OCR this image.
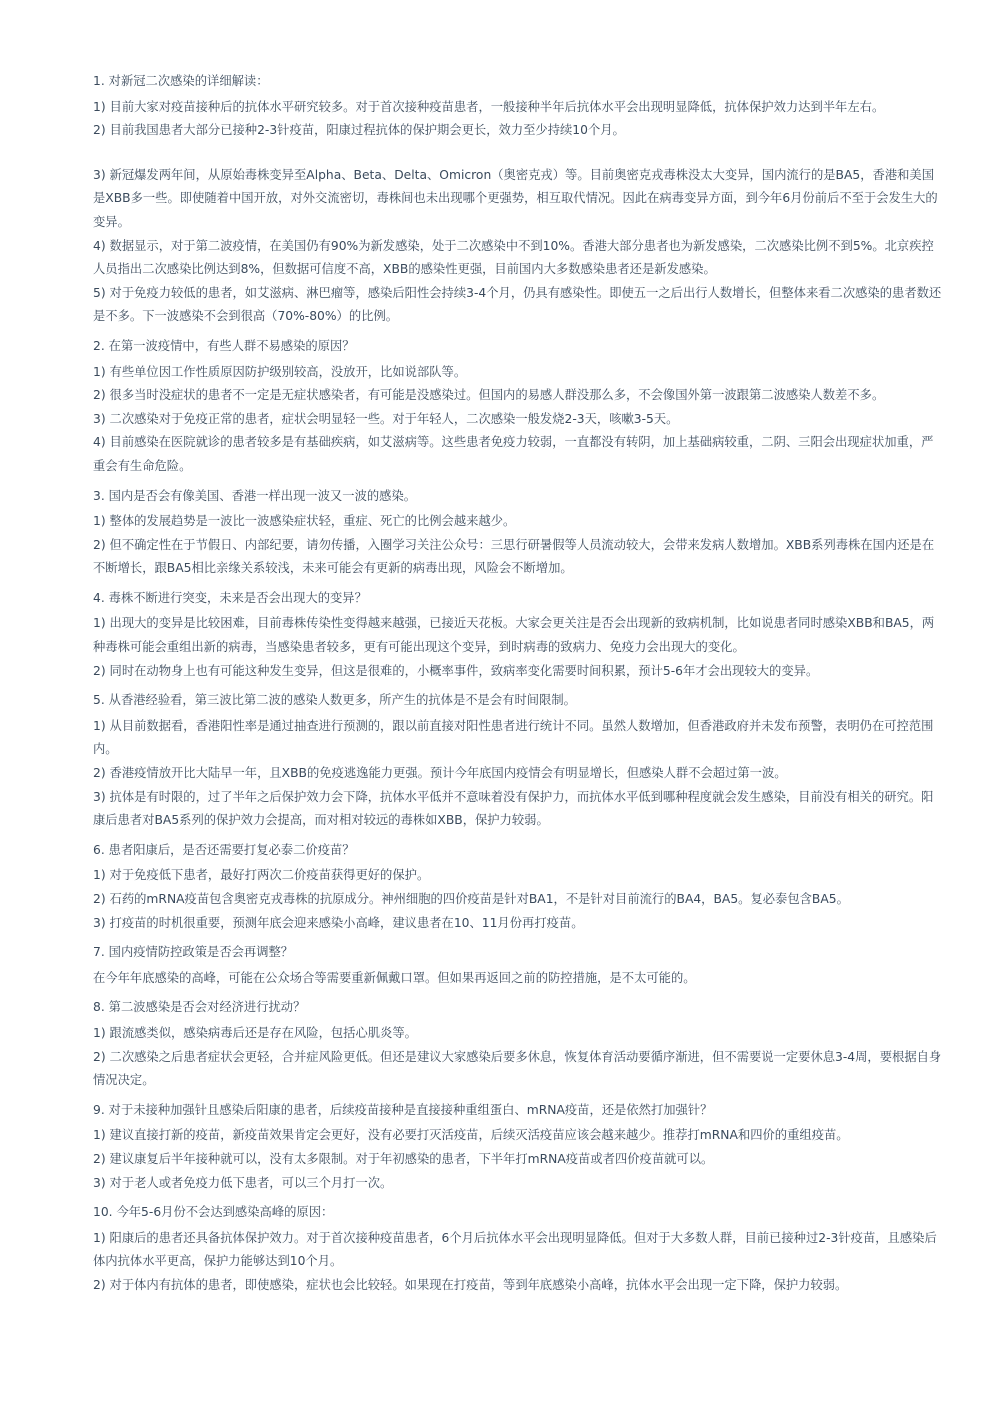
1. 对新冠二次感染的详细解读：

1) 目前大家对疫苗接种后的抗体水平研究较多。对于首次接种疫苗患者，一般接种半年后抗体水平会出现明显降低，抗体保护效力达到半年左右。

2) 目前我国患者大部分已接种2-3针疫苗，阳康过程抗体的保护期会更长，效力至少持续10个月。

3) 新冠爆发两年间，从原始毒株变异至Alpha、Beta、Delta、Omicron（奥密克戎）等。目前奥密克戎毒株没太大变异，国内流行的是BA5，香港和美国是XBB多一些。即使随着中国开放，对外交流密切，毒株间也未出现哪个更强势，相互取代情况。因此在病毒变异方面，到今年6月份前后不至于会发生大的变异。

4) 数据显示，对于第二波疫情，在美国仍有90%为新发感染，处于二次感染中不到10%。香港大部分患者也为新发感染，二次感染比例不到5%。北京疾控人员指出二次感染比例达到8%，但数据可信度不高，XBB的感染性更强，目前国内大多数感染患者还是新发感染。

5) 对于免疫力较低的患者，如艾滋病、淋巴瘤等，感染后阳性会持续3-4个月，仍具有感染性。即使五一之后出行人数增长，但整体来看二次感染的患者数还是不多。下一波感染不会到很高（70%-80%）的比例。

2. 在第一波疫情中，有些人群不易感染的原因？

1) 有些单位因工作性质原因防护级别较高，没放开，比如说部队等。

2) 很多当时没症状的患者不一定是无症状感染者，有可能是没感染过。但国内的易感人群没那么多，不会像国外第一波跟第二波感染人数差不多。

3) 二次感染对于免疫正常的患者，症状会明显轻一些。对于年轻人，二次感染一般发烧2-3天，咳嗽3-5天。

4) 目前感染在医院就诊的患者较多是有基础疾病，如艾滋病等。这些患者免疫力较弱，一直都没有转阴，加上基础病较重，二阴、三阳会出现症状加重，严重会有生命危险。

3. 国内是否会有像美国、香港一样出现一波又一波的感染。

1) 整体的发展趋势是一波比一波感染症状轻，重症、死亡的比例会越来越少。

2) 但不确定性在于节假日、内部纪要，请勿传播，入圈学习关注公众号：三思行研暑假等人员流动较大，会带来发病人数增加。XBB系列毒株在国内还是在不断增长，跟BA5相比亲缘关系较浅，未来可能会有更新的病毒出现，风险会不断增加。

4. 毒株不断进行突变，未来是否会出现大的变异？

1) 出现大的变异是比较困难，目前毒株传染性变得越来越强，已接近天花板。大家会更关注是否会出现新的致病机制，比如说患者同时感染XBB和BA5，两种毒株可能会重组出新的病毒，当感染患者较多，更有可能出现这个变异，到时病毒的致病力、免疫力会出现大的变化。

2) 同时在动物身上也有可能这种发生变异，但这是很难的，小概率事件，致病率变化需要时间积累，预计5-6年才会出现较大的变异。

5. 从香港经验看，第三波比第二波的感染人数更多，所产生的抗体是不是会有时间限制。

1) 从目前数据看，香港阳性率是通过抽查进行预测的，跟以前直接对阳性患者进行统计不同。虽然人数增加，但香港政府并未发布预警，表明仍在可控范围内。

2) 香港疫情放开比大陆早一年，且XBB的免疫逃逸能力更强。预计今年底国内疫情会有明显增长，但感染人群不会超过第一波。

3) 抗体是有时限的，过了半年之后保护效力会下降，抗体水平低并不意味着没有保护力，而抗体水平低到哪种程度就会发生感染，目前没有相关的研究。阳康后患者对BA5系列的保护效力会提高，而对相对较远的毒株如XBB，保护力较弱。

6. 患者阳康后，是否还需要打复必泰二价疫苗？

1) 对于免疫低下患者，最好打两次二价疫苗获得更好的保护。

2) 石药的mRNA疫苗包含奥密克戎毒株的抗原成分。神州细胞的四价疫苗是针对BA1，不是针对目前流行的BA4，BA5。复必泰包含BA5。

3) 打疫苗的时机很重要，预测年底会迎来感染小高峰，建议患者在10、11月份再打疫苗。

7. 国内疫情防控政策是否会再调整？

在今年年底感染的高峰，可能在公众场合等需要重新佩戴口罩。但如果再返回之前的防控措施，是不太可能的。

8. 第二波感染是否会对经济进行扰动？

1) 跟流感类似，感染病毒后还是存在风险，包括心肌炎等。

2) 二次感染之后患者症状会更轻，合并症风险更低。但还是建议大家感染后要多休息，恢复体育活动要循序渐进，但不需要说一定要休息3-4周，要根据自身情况决定。

9. 对于未接种加强针且感染后阳康的患者，后续疫苗接种是直接接种重组蛋白、mRNA疫苗，还是依然打加强针？

1) 建议直接打新的疫苗，新疫苗效果肯定会更好，没有必要打灭活疫苗，后续灭活疫苗应该会越来越少。推荐打mRNA和四价的重组疫苗。

2) 建议康复后半年接种就可以，没有太多限制。对于年初感染的患者，下半年打mRNA疫苗或者四价疫苗就可以。

3) 对于老人或者免疫力低下患者，可以三个月打一次。

10. 今年5-6月份不会达到感染高峰的原因：

1) 阳康后的患者还具备抗体保护效力。对于首次接种疫苗患者，6个月后抗体水平会出现明显降低。但对于大多数人群，目前已接种过2-3针疫苗，且感染后体内抗体水平更高，保护力能够达到10个月。

2) 对于体内有抗体的患者，即使感染，症状也会比较轻。如果现在打疫苗，等到年底感染小高峰，抗体水平会出现一定下降，保护力较弱。
